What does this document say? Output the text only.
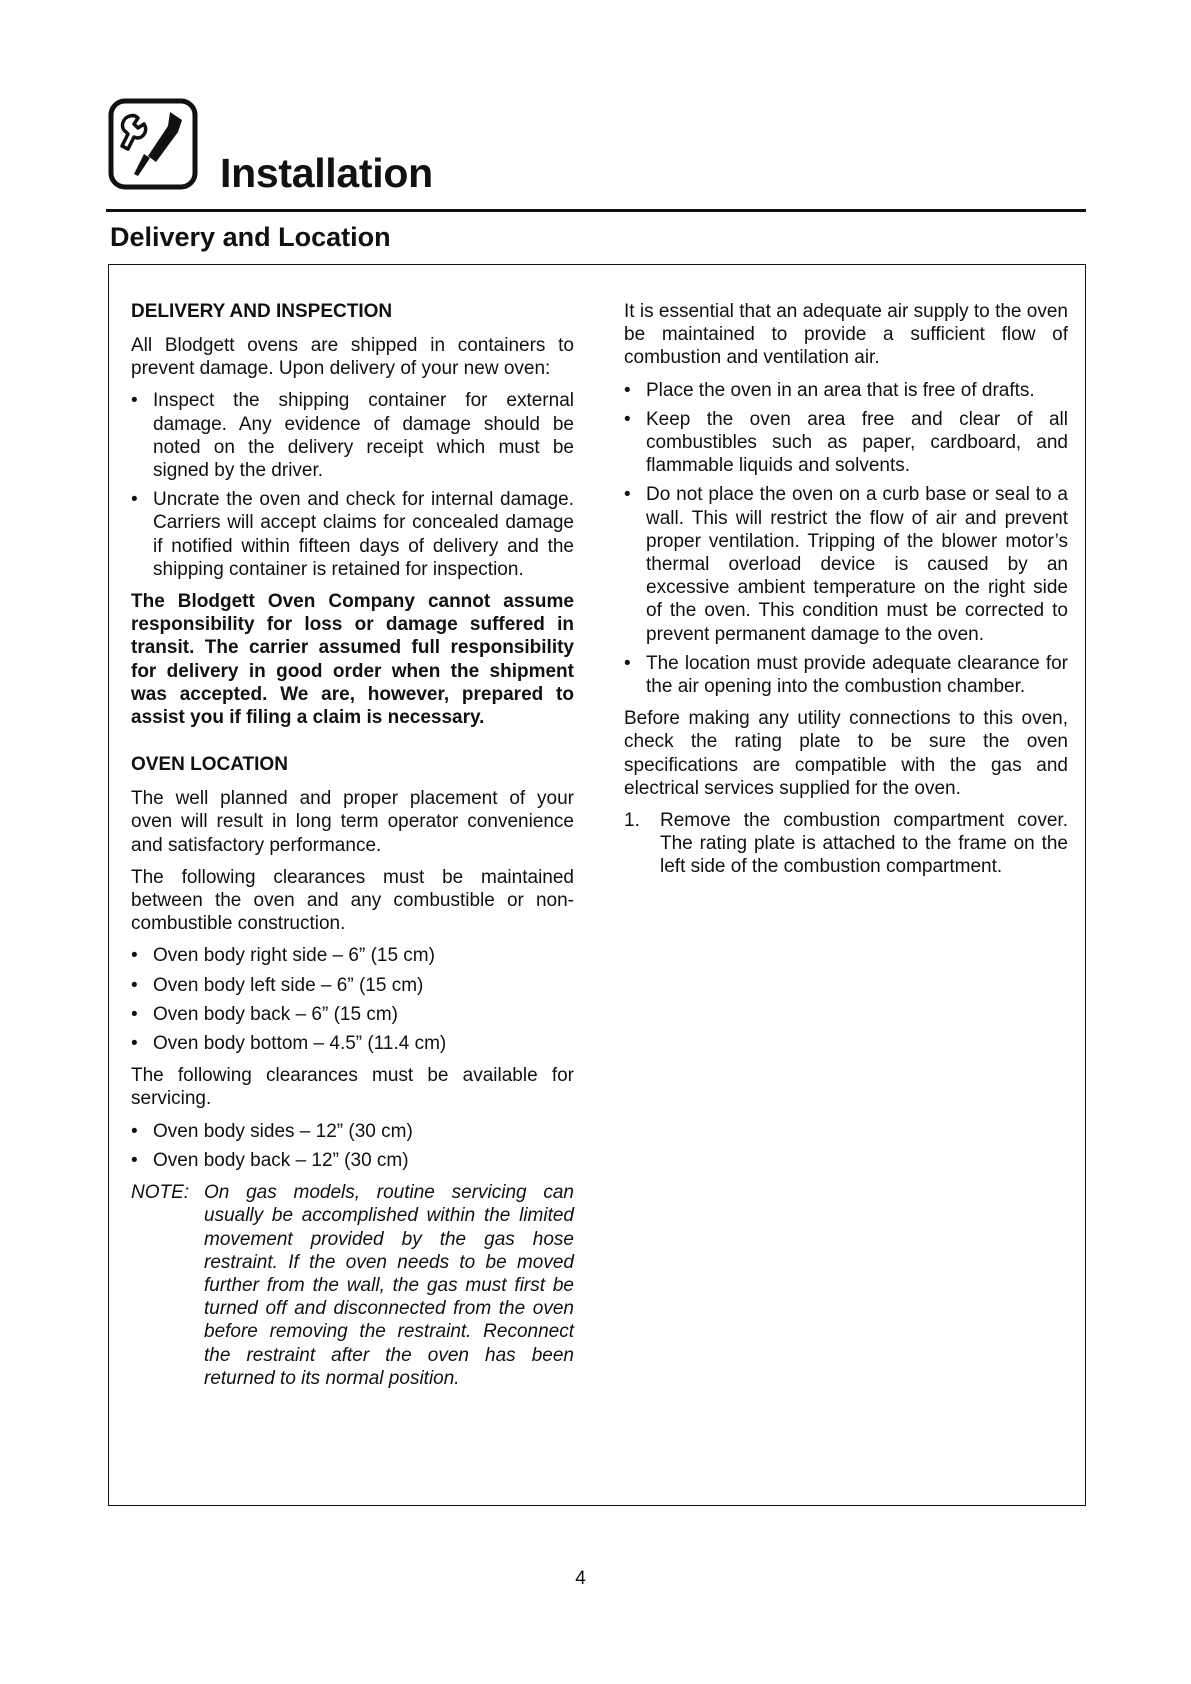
Installation
Delivery and Location
DELIVERY AND INSPECTION

All Blodgett ovens are shipped in containers to prevent damage. Upon delivery of your new oven:

• Inspect the shipping container for external damage. Any evidence of damage should be noted on the delivery receipt which must be signed by the driver.
• Uncrate the oven and check for internal damage. Carriers will accept claims for concealed damage if notified within fifteen days of delivery and the shipping container is retained for inspection.

The Blodgett Oven Company cannot assume responsibility for loss or damage suffered in transit. The carrier assumed full responsibility for delivery in good order when the shipment was accepted. We are, however, prepared to assist you if filing a claim is necessary.

OVEN LOCATION

The well planned and proper placement of your oven will result in long term operator convenience and satisfactory performance.

The following clearances must be maintained between the oven and any combustible or non-combustible construction.

• Oven body right side – 6” (15 cm)
• Oven body left side – 6” (15 cm)
• Oven body back – 6” (15 cm)
• Oven body bottom – 4.5” (11.4 cm)

The following clearances must be available for servicing.

• Oven body sides – 12” (30 cm)
• Oven body back – 12” (30 cm)
NOTE: On gas models, routine servicing can usually be accomplished within the limited movement provided by the gas hose restraint. If the oven needs to be moved further from the wall, the gas must first be turned off and disconnected from the oven before removing the restraint. Reconnect the restraint after the oven has been returned to its normal position.

It is essential that an adequate air supply to the oven be maintained to provide a sufficient flow of combustion and ventilation air.

• Place the oven in an area that is free of drafts.
• Keep the oven area free and clear of all combustibles such as paper, cardboard, and flammable liquids and solvents.
• Do not place the oven on a curb base or seal to a wall. This will restrict the flow of air and prevent proper ventilation. Tripping of the blower motor’s thermal overload device is caused by an excessive ambient temperature on the right side of the oven. This condition must be corrected to prevent permanent damage to the oven.
• The location must provide adequate clearance for the air opening into the combustion chamber.

Before making any utility connections to this oven, check the rating plate to be sure the oven specifications are compatible with the gas and electrical services supplied for the oven.

1.	Remove the combustion compartment cover. The rating plate is attached to the frame on the left side of the combustion compartment.
4
